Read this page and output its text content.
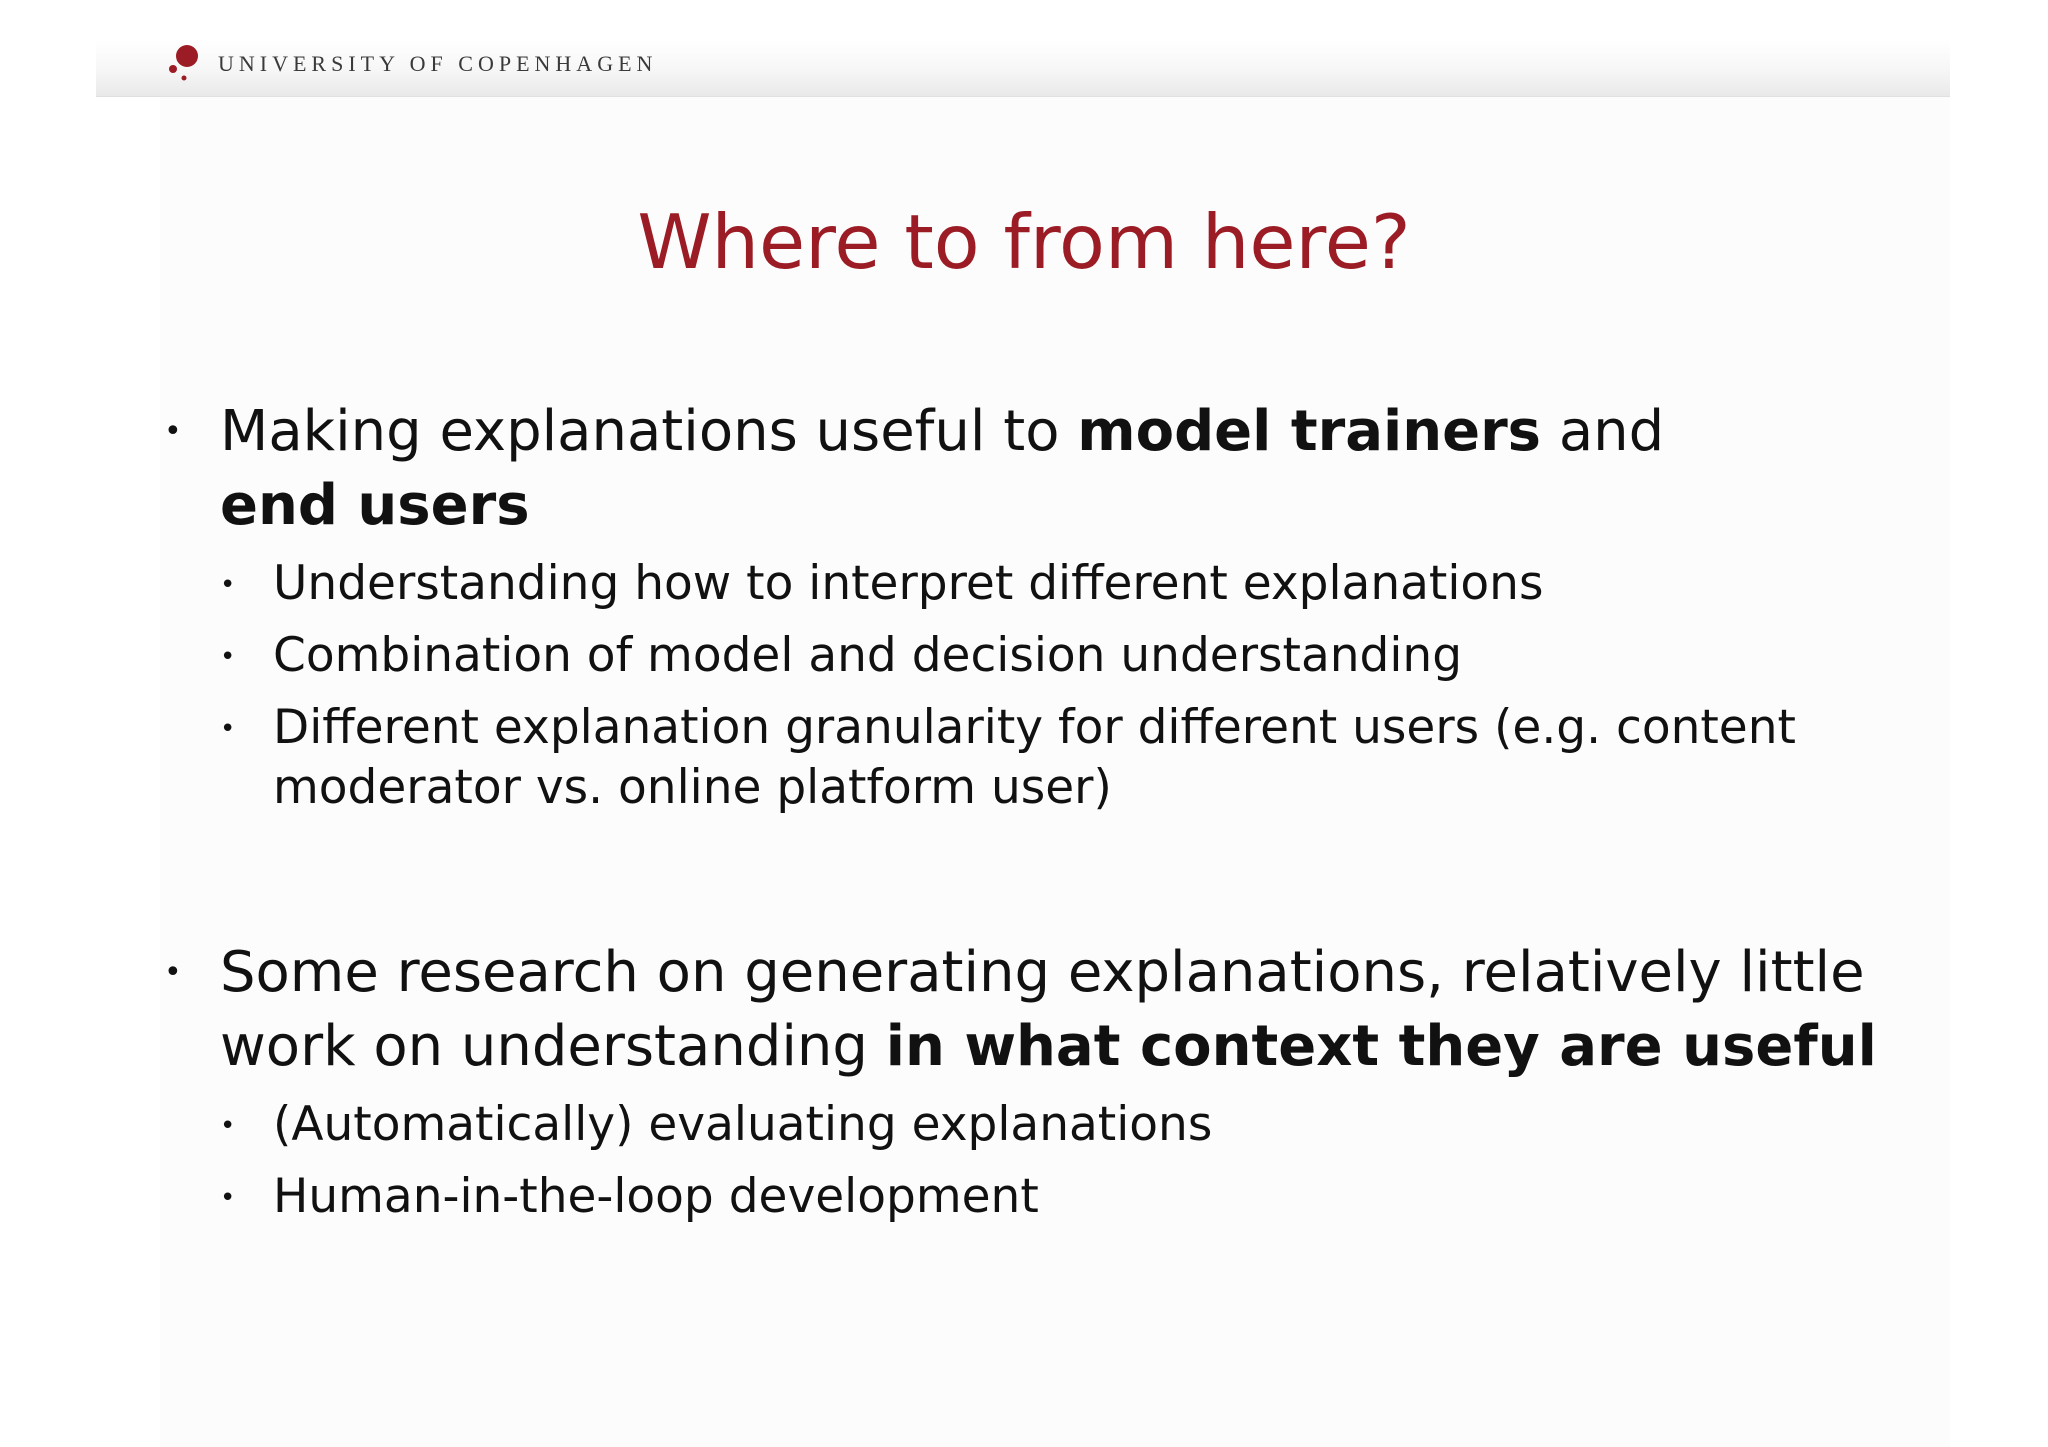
UNIVERSITY OF COPENHAGEN
Where to from here?
• Making explanations useful to model trainers and
end users
• Understanding how to interpret different explanations
• Combination of model and decision understanding
• Different explanation granularity for different users (e.g. content
moderator vs. online platform user)
• Some research on generating explanations, relatively little
work on understanding in what context they are useful
• (Automatically) evaluating explanations
• Human-in-the-loop development
